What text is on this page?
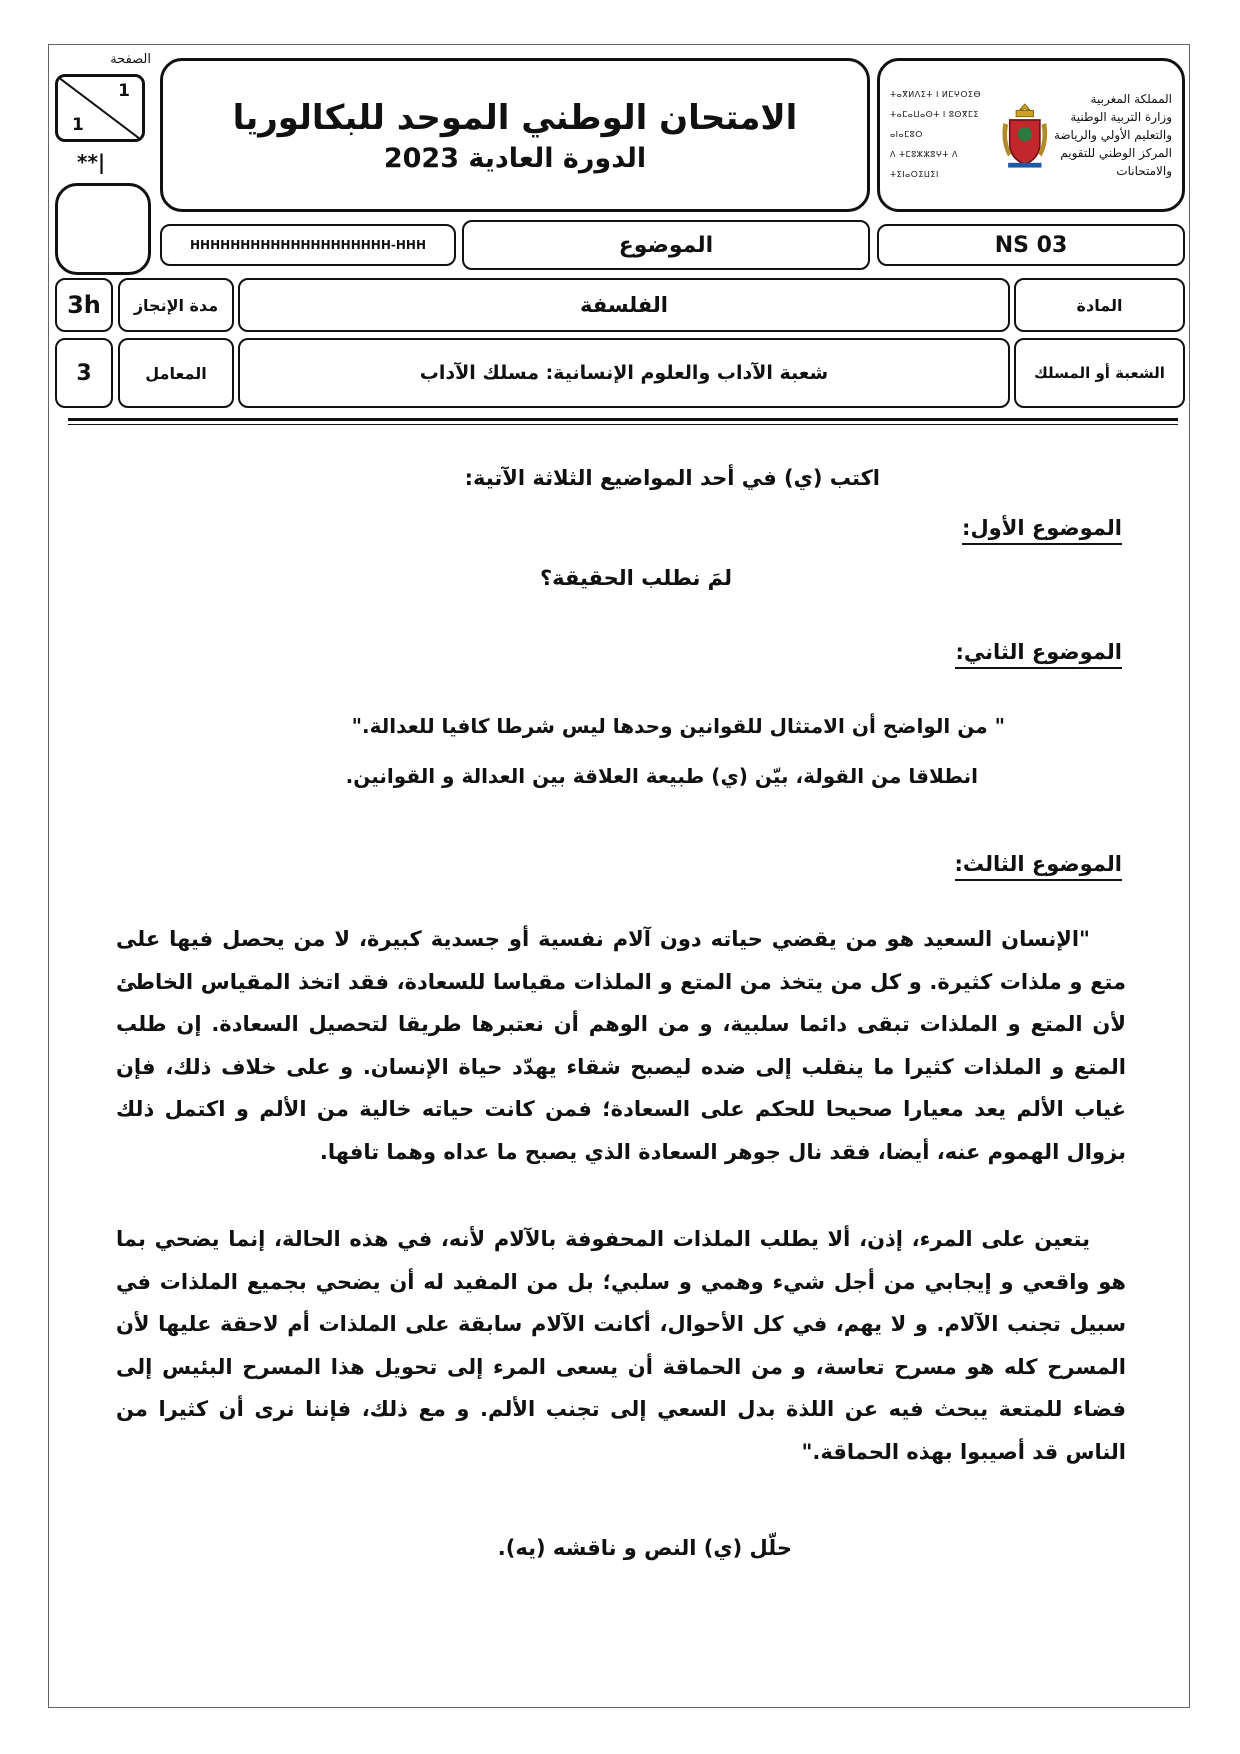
الصفحة
1
1
**|
الامتحان الوطني الموحد للبكالوريا
الدورة العادية 2023
ⵜⴰⴳⵍⴷⵉⵜ ⵏ ⵍⵎⵖⵔⵉⴱ
ⵜⴰⵎⴰⵡⴰⵙⵜ ⵏ ⵓⵙⴳⵎⵉ ⴰⵏⴰⵎⵓⵔ
ⴷ ⵜⵎⵓⵣⵣⵓⵖⵜ ⴷ ⵜⵉⵏⴰⵔⵉⵡⵉⵏ
المملكة المغربية
وزارة التربية الوطنية
والتعليم الأولي والرياضة
المركز الوطني للتقويم والامتحانات
HHHHHHHHHHHHHHHHHHHH-HHH	الموضوع	NS 03
3h مدة الإنجاز	الفلسفة	المادة
3	المعامل	شعبة الآداب والعلوم الإنسانية: مسلك الآداب	الشعبة أو المسلك
اكتب (ي) في أحد المواضيع الثلاثة الآتية:
الموضوع الأول:
لمَ نطلب الحقيقة؟
الموضوع الثاني:
" من الواضح أن الامتثال للقوانين وحدها ليس شرطا كافيا للعدالة."
انطلاقا من القولة، بيّن (ي) طبيعة العلاقة بين العدالة و القوانين.
الموضوع الثالث:
"الإنسان السعيد هو من يقضي حياته دون آلام نفسية أو جسدية كبيرة، لا من يحصل فيها على متع و ملذات كثيرة. و كل من يتخذ من المتع و الملذات مقياسا للسعادة، فقد اتخذ المقياس الخاطئ لأن المتع و الملذات تبقى دائما سلبية، و من الوهم أن نعتبرها طريقا لتحصيل السعادة. إن طلب المتع و الملذات كثيرا ما ينقلب إلى ضده ليصبح شقاء يهدّد حياة الإنسان. و على خلاف ذلك، فإن غياب الألم يعد معيارا صحيحا للحكم على السعادة؛ فمن كانت حياته خالية من الألم و اكتمل ذلك بزوال الهموم عنه، أيضا، فقد نال جوهر السعادة الذي يصبح ما عداه وهما تافها.
يتعين على المرء، إذن، ألا يطلب الملذات المحفوفة بالآلام لأنه، في هذه الحالة، إنما يضحي بما هو واقعي و إيجابي من أجل شيء وهمي و سلبي؛ بل من المفيد له أن يضحي بجميع الملذات في سبيل تجنب الآلام. و لا يهم، في كل الأحوال، أكانت الآلام سابقة على الملذات أم لاحقة عليها لأن المسرح كله هو مسرح تعاسة، و من الحماقة أن يسعى المرء إلى تحويل هذا المسرح البئيس إلى فضاء للمتعة يبحث فيه عن اللذة بدل السعي إلى تجنب الألم. و مع ذلك، فإننا نرى أن كثيرا من الناس قد أصيبوا بهذه الحماقة."
حلّل (ي) النص و ناقشه (يه).
